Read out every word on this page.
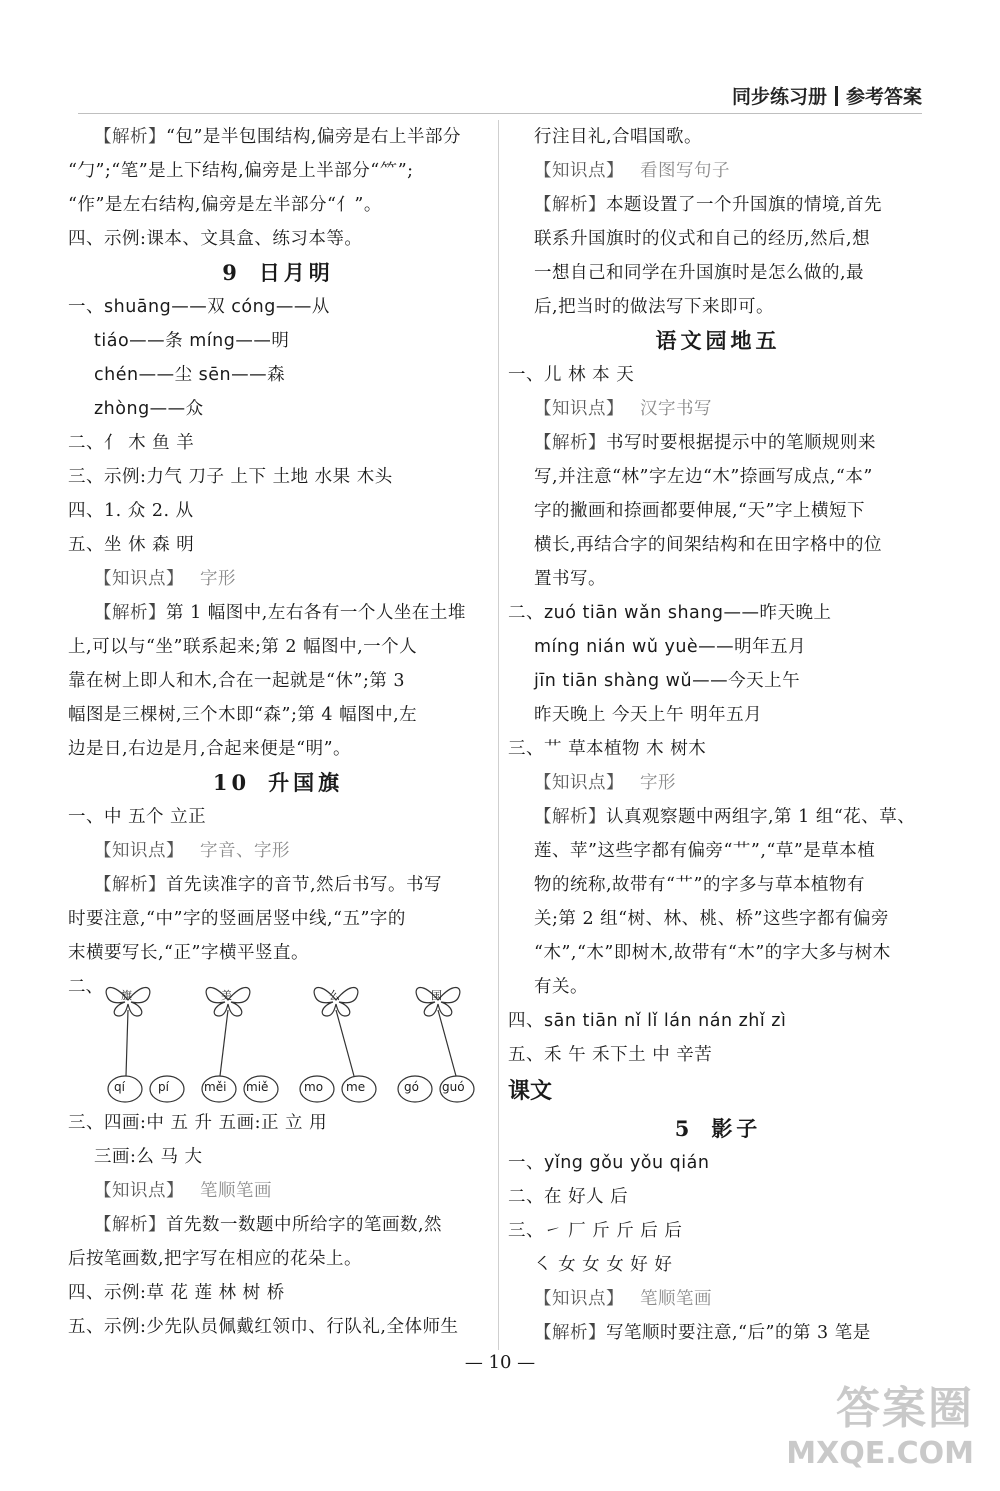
同步练习册 参考答案
【解析】“包”是半包围结构,偏旁是右上半部分
“勹”;“笔”是上下结构,偏旁是上半部分“⺮”;
“作”是左右结构,偏旁是左半部分“亻”。
四、示例:课本、文具盒、练习本等。
9 日月明
一、shuāng——双 cóng——从
tiáo——条 míng——明
chén——尘 sēn——森
zhòng——众
二、亻 木 鱼 羊
三、示例:力气 刀子 上下 土地 水果 木头
四、1. 众 2. 从
五、坐 休 森 明
【知识点】 字形
【解析】第 1 幅图中,左右各有一个人坐在土堆
上,可以与“坐”联系起来;第 2 幅图中,一个人
靠在树上即人和木,合在一起就是“休”;第 3
幅图是三棵树,三个木即“森”;第 4 幅图中,左
边是日,右边是月,合起来便是“明”。
10 升国旗
一、中 五个 立正
【知识点】 字音、字形
【解析】首先读准字的音节,然后书写。书写
时要注意,“中”字的竖画居竖中线,“五”字的
末横要写长,“正”字横平竖直。
二、 旗	美	么	国
qí	pí	měi miě	mo me	gó guó
三、四画:中 五 升 五画:正 立 用
三画:么 马 大
【知识点】 笔顺笔画
【解析】首先数一数题中所给字的笔画数,然
后按笔画数,把字写在相应的花朵上。
四、示例:草 花 莲 林 树 桥
五、示例:少先队员佩戴红领巾、行队礼,全体师生
行注目礼,合唱国歌。
【知识点】 看图写句子
【解析】本题设置了一个升国旗的情境,首先
联系升国旗时的仪式和自己的经历,然后,想
一想自己和同学在升国旗时是怎么做的,最
后,把当时的做法写下来即可。
语文园地五
一、儿 林 本 天
【知识点】 汉字书写
【解析】书写时要根据提示中的笔顺规则来
写,并注意“林”字左边“木”捺画写成点,“本”
字的撇画和捺画都要伸展,“天”字上横短下
横长,再结合字的间架结构和在田字格中的位
置书写。
二、zuó tiān wǎn shang——昨天晚上
míng nián wǔ yuè——明年五月
jīn tiān shàng wǔ——今天上午
昨天晚上 今天上午 明年五月
三、艹 草本植物 木 树木
【知识点】 字形
【解析】认真观察题中两组字,第 1 组“花、草、
莲、苹”这些字都有偏旁“艹”,“草”是草本植
物的统称,故带有“艹”的字多与草本植物有
关;第 2 组“树、林、桃、桥”这些字都有偏旁
“木”,“木”即树木,故带有“木”的字大多与树木
有关。
四、sān tiān nǐ lǐ lán nán zhǐ zì
五、禾 午 禾下土 中 辛苦
课文
5 影子
一、yǐng gǒu yǒu qián
二、在 好人 后
三、㇀ 厂 斤 斤 后 后
㇛ 女 女 女 好 好
【知识点】 笔顺笔画
【解析】写笔顺时要注意,“后”的第 3 笔是
— 10 —
答案圈
MXQE.COM
